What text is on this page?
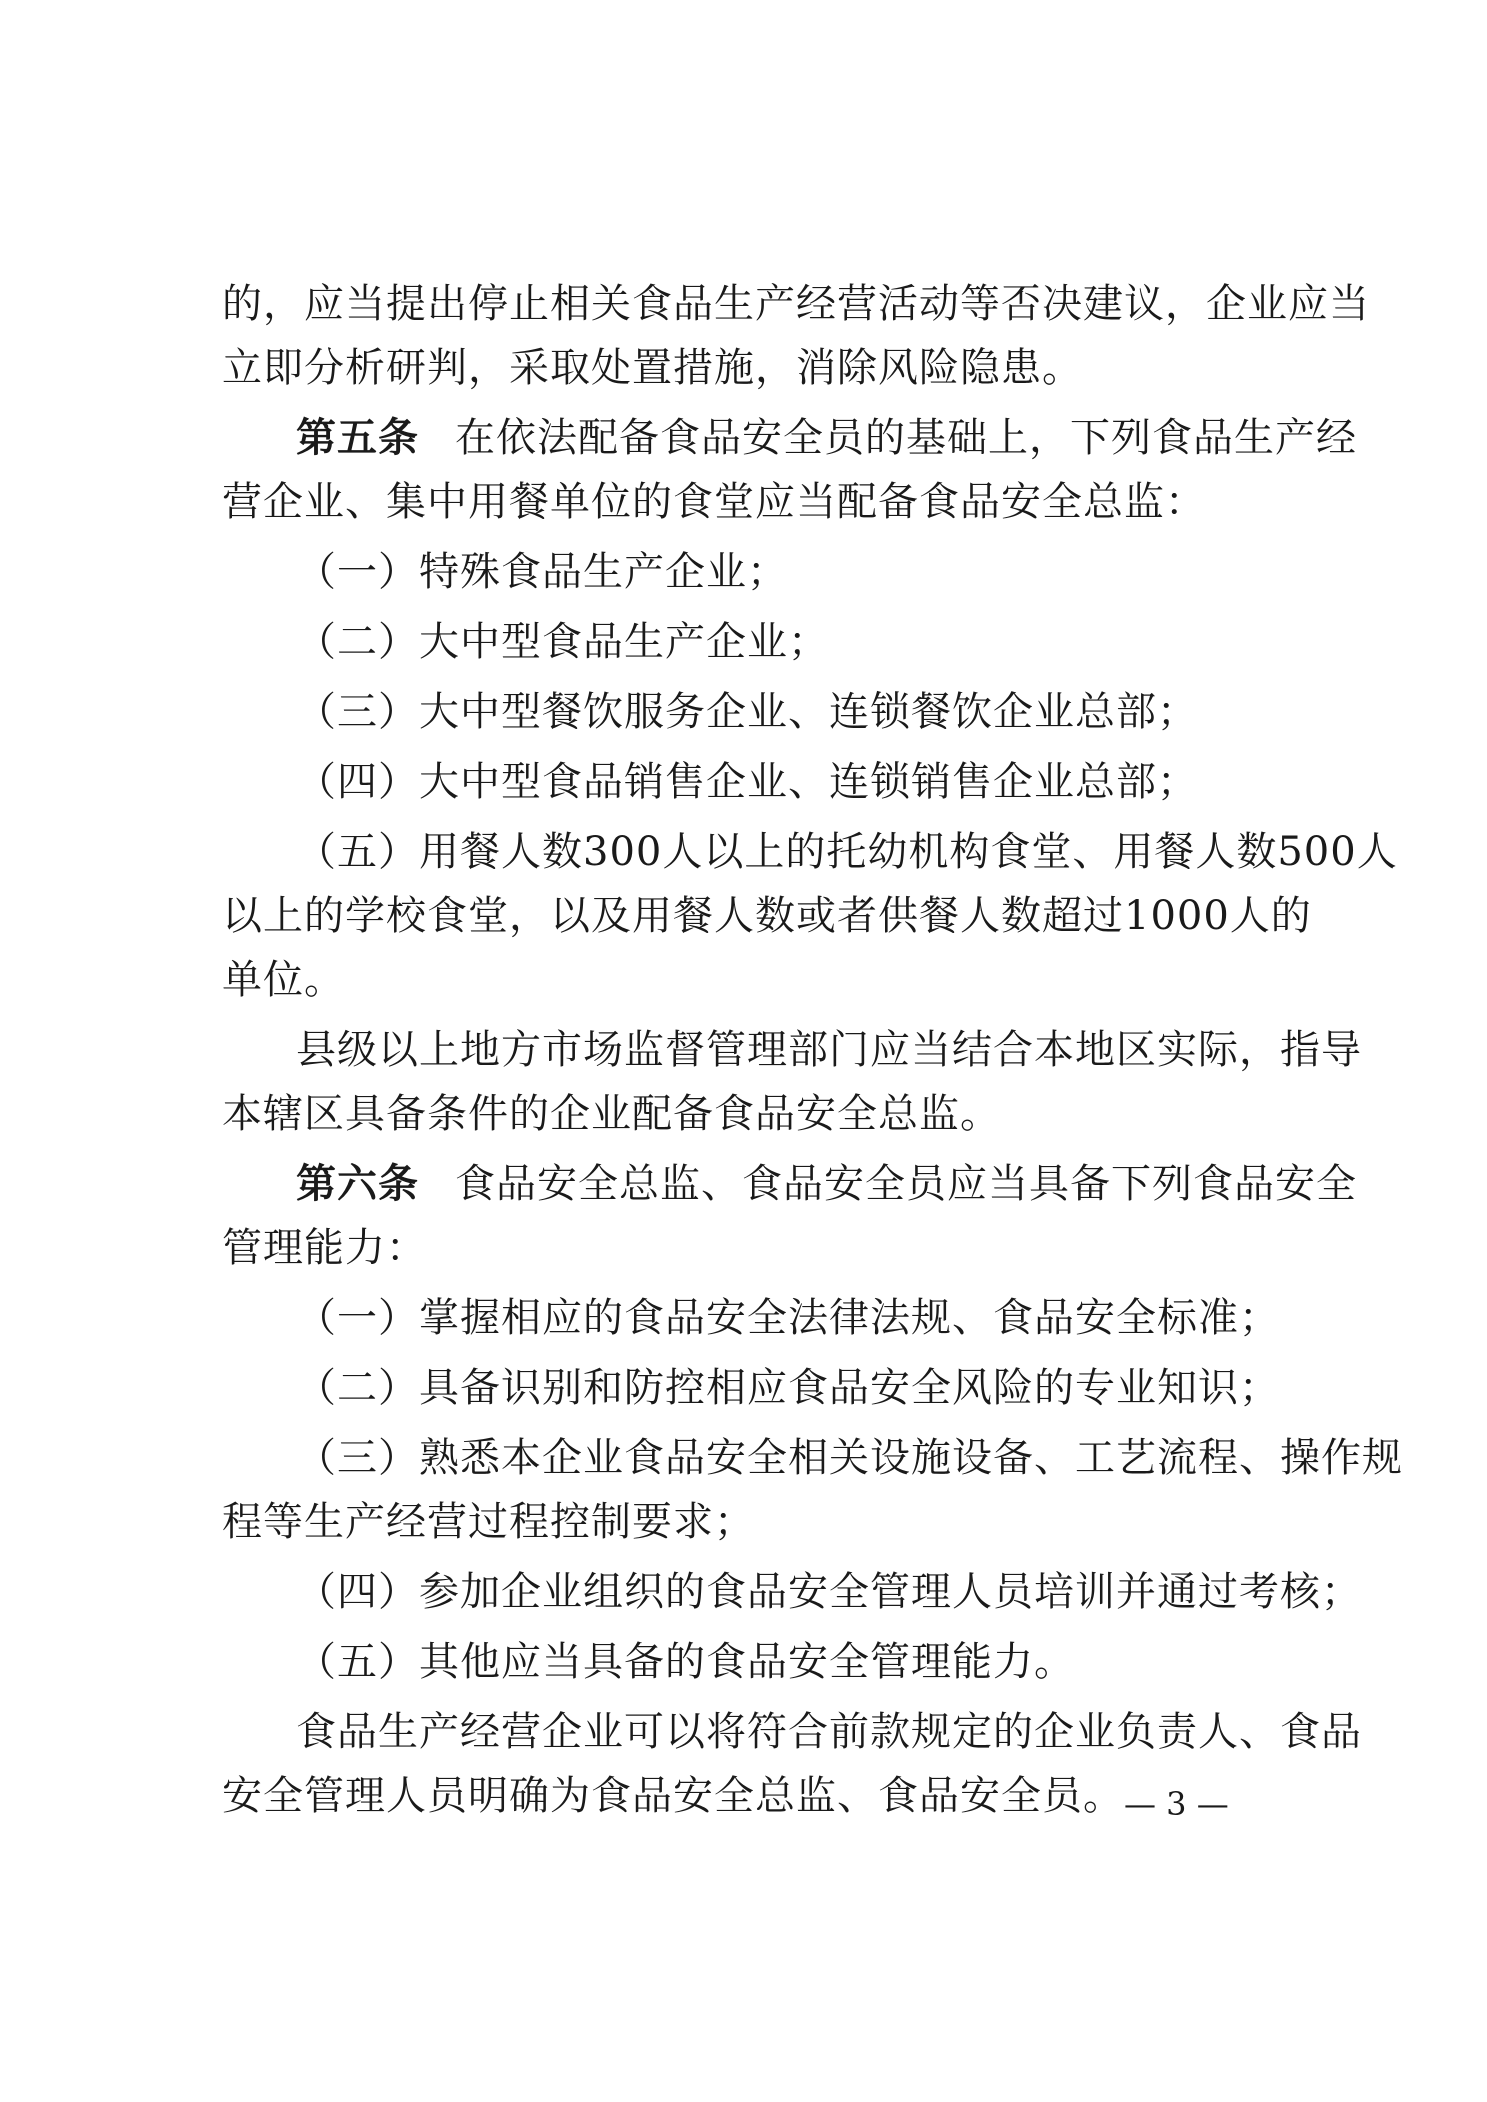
的，应当提出停止相关食品生产经营活动等否决建议，企业应当
立即分析研判，采取处置措施，消除风险隐患。
第五条 在依法配备食品安全员的基础上，下列食品生产经
营企业、集中用餐单位的食堂应当配备食品安全总监：
（一）特殊食品生产企业；
（二）大中型食品生产企业；
（三）大中型餐饮服务企业、连锁餐饮企业总部；
（四）大中型食品销售企业、连锁销售企业总部；
（五）用餐人数300人以上的托幼机构食堂、用餐人数500人
以上的学校食堂，以及用餐人数或者供餐人数超过1000人的
单位。
县级以上地方市场监督管理部门应当结合本地区实际，指导
本辖区具备条件的企业配备食品安全总监。
第六条 食品安全总监、食品安全员应当具备下列食品安全
管理能力：
（一）掌握相应的食品安全法律法规、食品安全标准；
（二）具备识别和防控相应食品安全风险的专业知识；
（三）熟悉本企业食品安全相关设施设备、工艺流程、操作规
程等生产经营过程控制要求；
（四）参加企业组织的食品安全管理人员培训并通过考核；
（五）其他应当具备的食品安全管理能力。
食品生产经营企业可以将符合前款规定的企业负责人、食品
安全管理人员明确为食品安全总监、食品安全员。 — 3 —
